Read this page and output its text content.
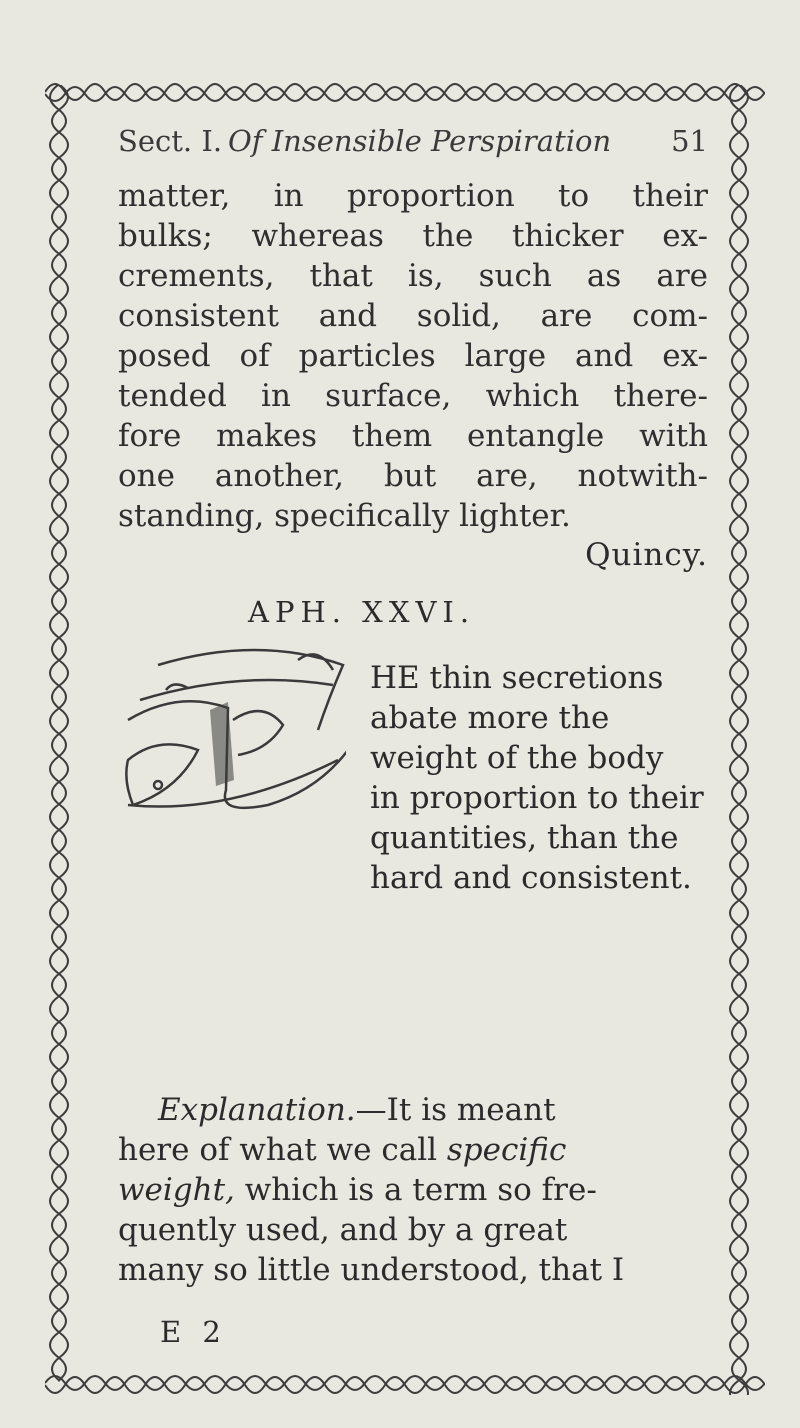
Sect. I. Of Insensible Perspiration 51
matter, in proportion to their
bulks; whereas the thicker ex-
crements, that is, such as are
consistent and solid, are com-
posed of particles large and ex-
tended in surface, which there-
fore makes them entangle with
one another, but are, notwith-
standing, specifically lighter.
Quincy.
APH. XXVI.
HE thin secretions
abate more the
weight of the body
in proportion to their
quantities, than the
hard and consistent.
Explanation.—It is meant
here of what we call specific
weight, which is a term so fre-
quently used, and by a great
many so little understood, that I
E 2
